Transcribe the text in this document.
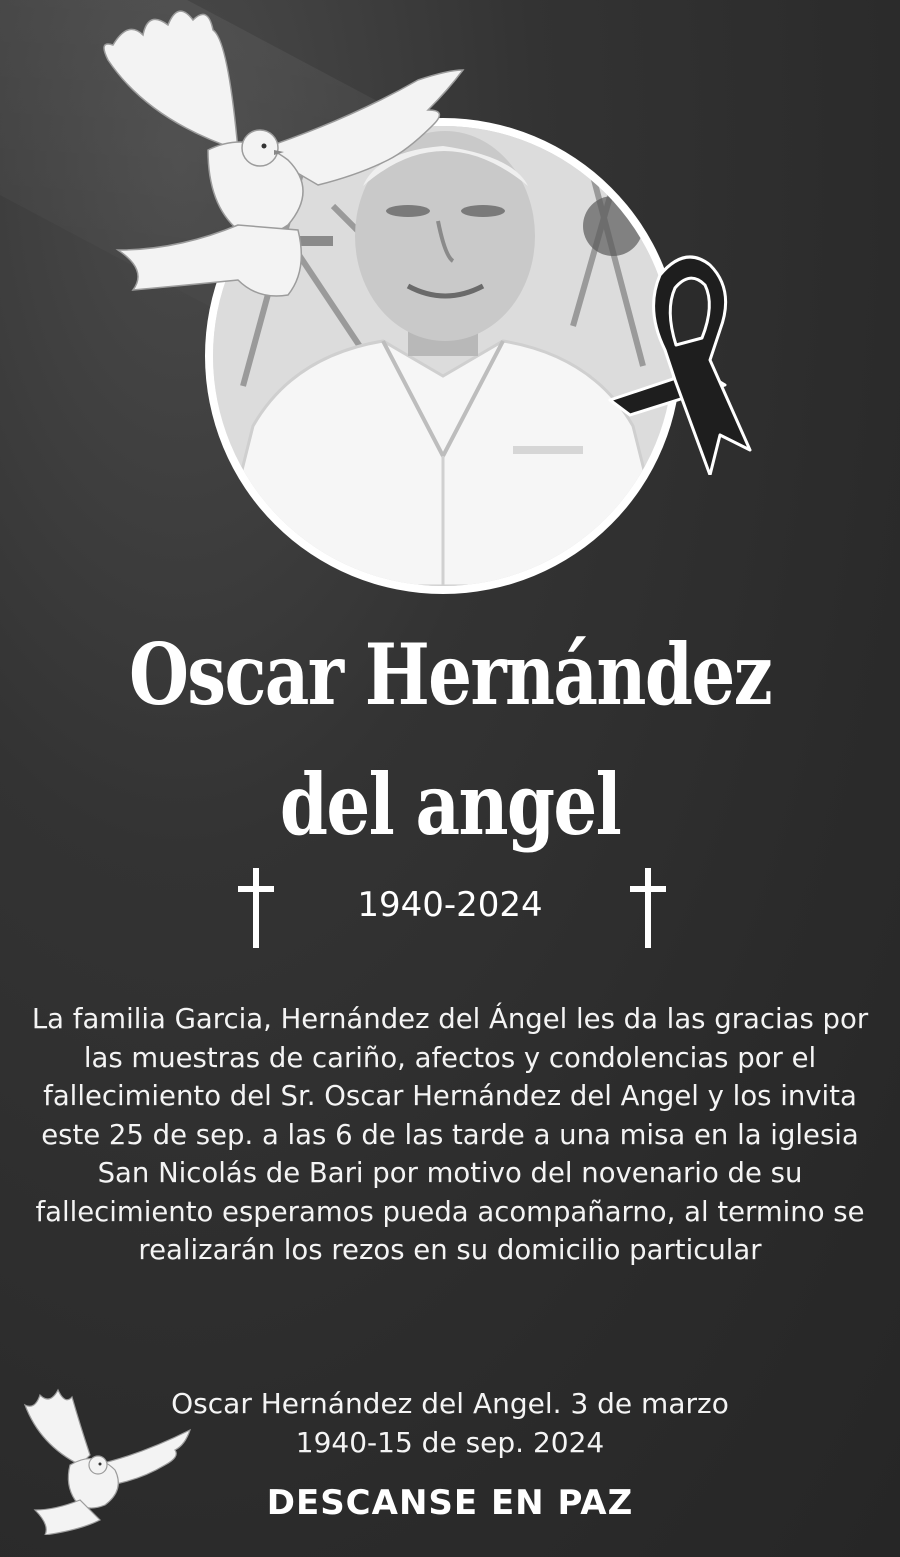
Oscar Hernández
del angel
1940-2024
La familia Garcia, Hernández del Ángel les da las gracias por las muestras de cariño, afectos y condolencias por el fallecimiento del Sr. Oscar Hernández del Angel y los invita este 25 de sep. a las 6 de las tarde a una misa en la iglesia San Nicolás de Bari por motivo del novenario de su fallecimiento esperamos pueda acompañarno, al termino se realizarán los rezos en su domicilio particular
Oscar Hernández del Angel. 3 de marzo
1940-15 de sep. 2024
DESCANSE EN PAZ
